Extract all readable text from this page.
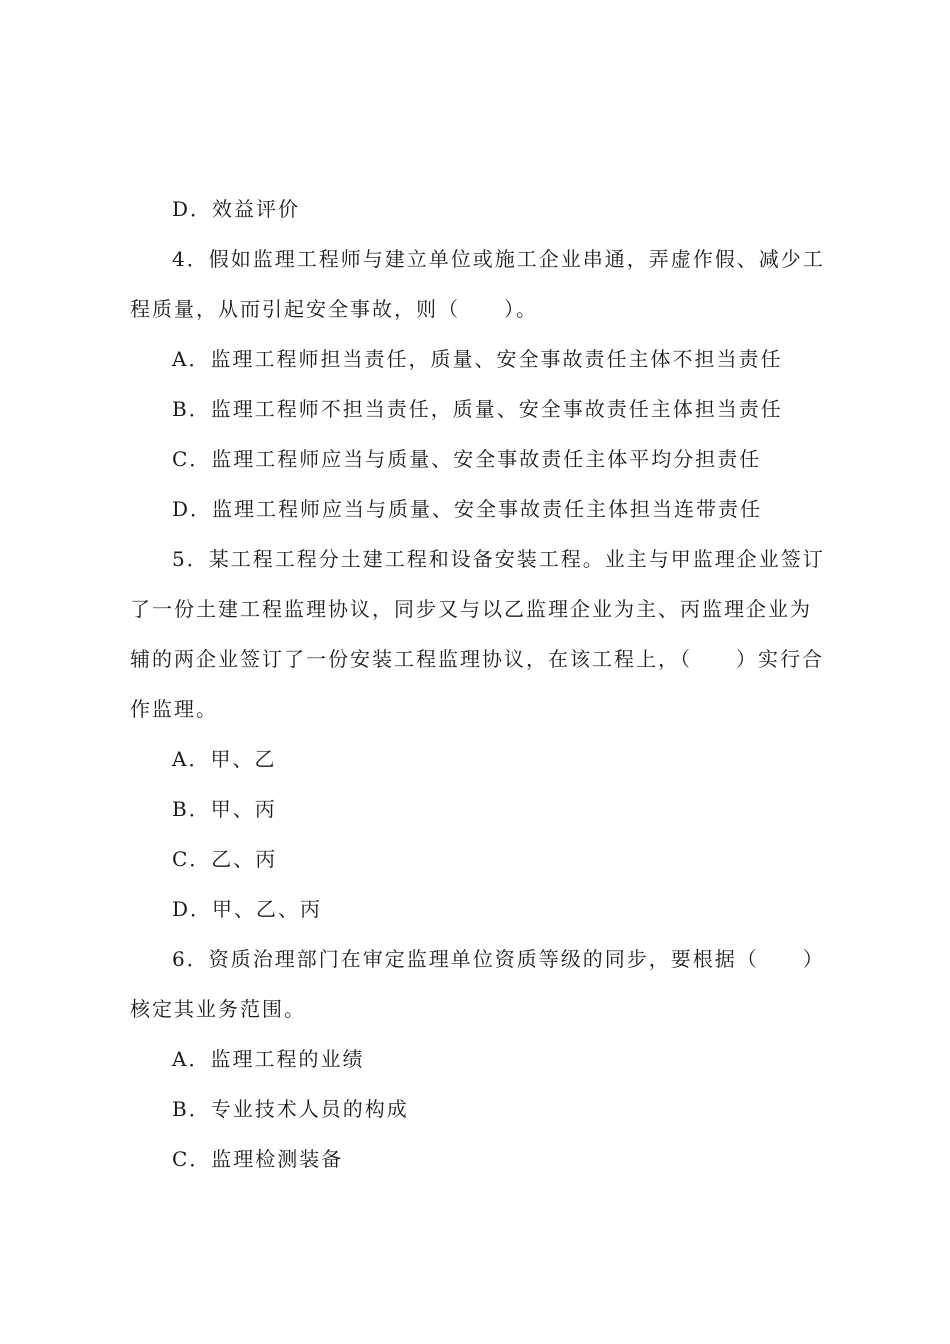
D．效益评价
4．假如监理工程师与建立单位或施工企业串通，弄虚作假、减少工
程质量，从而引起安全事故，则（　　）。
A．监理工程师担当责任，质量、安全事故责任主体不担当责任
B．监理工程师不担当责任，质量、安全事故责任主体担当责任
C．监理工程师应当与质量、安全事故责任主体平均分担责任
D．监理工程师应当与质量、安全事故责任主体担当连带责任
5．某工程工程分土建工程和设备安装工程。业主与甲监理企业签订
了一份土建工程监理协议，同步又与以乙监理企业为主、丙监理企业为
辅的两企业签订了一份安装工程监理协议，在该工程上，（　　）实行合
作监理。
A．甲、乙
B．甲、丙
C．乙、丙
D．甲、乙、丙
6．资质治理部门在审定监理单位资质等级的同步，要根据（　　）
核定其业务范围。
A．监理工程的业绩
B．专业技术人员的构成
C．监理检测装备
